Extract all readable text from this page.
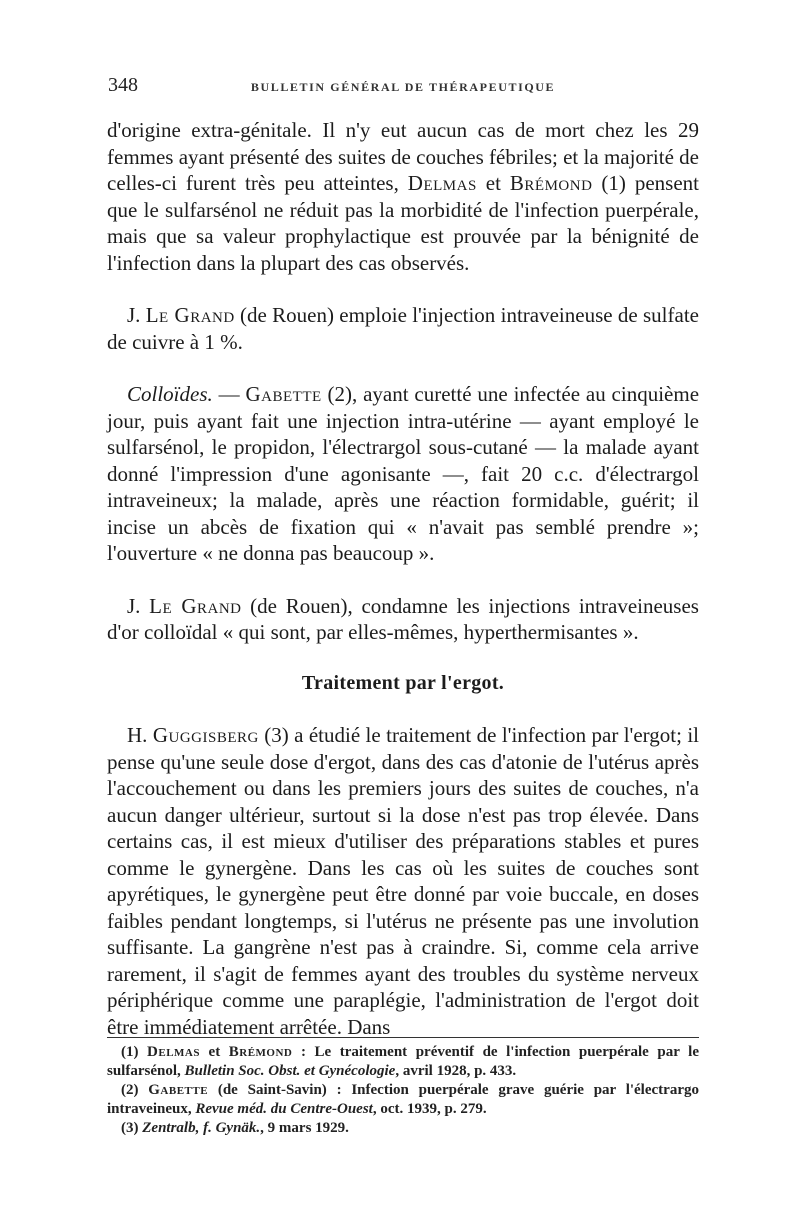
348	BULLETIN GÉNÉRAL DE THÉRAPEUTIQUE

d'origine extra-génitale. Il n'y eut aucun cas de mort chez les 29 femmes ayant présenté des suites de couches fébriles; et la majorité de celles-ci furent très peu atteintes, Delmas et Brémond (1) pensent que le sulfarsénol ne réduit pas la morbidité de l'infection puerpérale, mais que sa valeur prophylactique est prouvée par la bénignité de l'infection dans la plupart des cas observés.

J. Le Grand (de Rouen) emploie l'injection intraveineuse de sulfate de cuivre à 1 %.

Colloïdes. — Gabette (2), ayant curetté une infectée au cinquième jour, puis ayant fait une injection intra-utérine — ayant employé le sulfarsénol, le propidon, l'électrargol sous-cutané — la malade ayant donné l'impression d'une agonisante —, fait 20 c.c. d'électrargol intraveineux; la malade, après une réaction formidable, guérit; il incise un abcès de fixation qui « n'avait pas semblé prendre »; l'ouverture « ne donna pas beaucoup ».

J. Le Grand (de Rouen), condamne les injections intraveineuses d'or colloïdal « qui sont, par elles-mêmes, hyperthermisantes ».

Traitement par l'ergot.

H. Guggisberg (3) a étudié le traitement de l'infection par l'ergot; il pense qu'une seule dose d'ergot, dans des cas d'atonie de l'utérus après l'accouchement ou dans les premiers jours des suites de couches, n'a aucun danger ultérieur, surtout si la dose n'est pas trop élevée. Dans certains cas, il est mieux d'utiliser des préparations stables et pures comme le gynergène. Dans les cas où les suites de couches sont apyrétiques, le gynergène peut être donné par voie buccale, en doses faibles pendant longtemps, si l'utérus ne présente pas une involution suffisante. La gangrène n'est pas à craindre. Si, comme cela arrive rarement, il s'agit de femmes ayant des troubles du système nerveux périphérique comme une paraplégie, l'administration de l'ergot doit être immédiatement arrêtée. Dans

(1) Delmas et Brémond : Le traitement préventif de l'infection puerpérale par le sulfarsénol, Bulletin Soc. Obst. et Gynécologie, avril 1928, p. 433.

(2) Gabette (de Saint-Savin) : Infection puerpérale grave guérie par l'électrargo intraveineux, Revue méd. du Centre-Ouest, oct. 1939, p. 279.

(3) Zentralb, f. Gynäk., 9 mars 1929.
